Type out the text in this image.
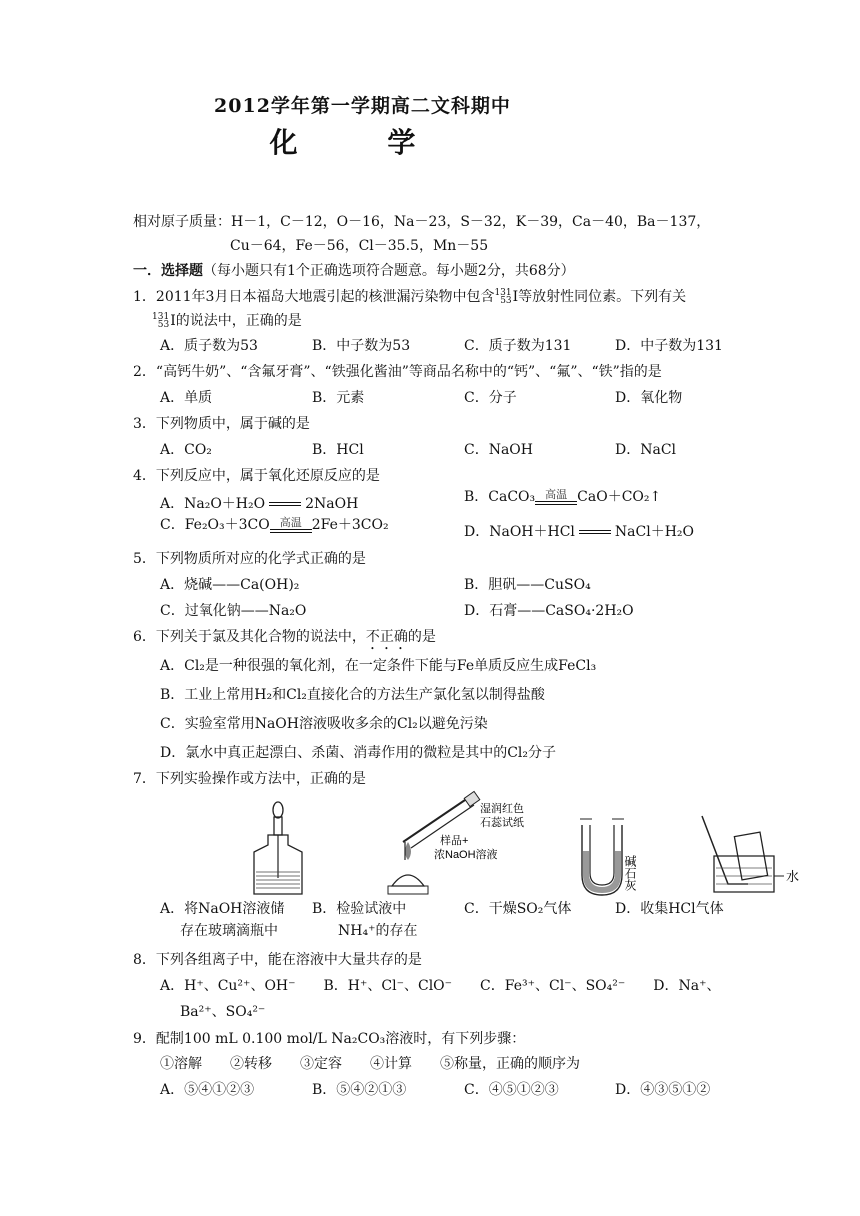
2012学年第一学期高二文科期中
化 学
相对原子质量：H－1，C－12，O－16，Na－23，S－32，K－39，Ca－40，Ba－137，
Cu－64，Fe－56，Cl－35.5，Mn－55
一．选择题（每小题只有1个正确选项符合题意。每小题2分，共68分）
1．2011年3月日本福岛大地震引起的核泄漏污染物中包含131
53I等放射性同位素。下列有关
131
53I的说法中，正确的是
A．质子数为53	B．中子数为53	C．质子数为131	D．中子数为131
2．“高钙牛奶”、“含氟牙膏”、“铁强化酱油”等商品名称中的“钙”、“氟”、“铁”指的是
A．单质	B．元素	C．分子	D．氧化物
3．下列物质中，属于碱的是
A．CO₂	B．HCl	C．NaOH	D．NaCl
4．下列反应中，属于氧化还原反应的是
A．Na₂O＋H₂O	2NaOH	B．CaCO₃ 高温 CaO＋CO₂↑
C．Fe₂O₃＋3CO 高温 2Fe＋3CO₂	D．NaOH＋HCl	NaCl＋H₂O
5．下列物质所对应的化学式正确的是
A．烧碱——Ca(OH)₂	B．胆矾——CuSO₄
C．过氧化钠——Na₂O	D．石膏——CaSO₄·2H₂O
6．下列关于氯及其化合物的说法中，不正确的是
A．Cl₂是一种很强的氧化剂，在一定条件下能与Fe单质反应生成FeCl₃
B．工业上常用H₂和Cl₂直接化合的方法生产氯化氢以制得盐酸
C．实验室常用NaOH溶液吸收多余的Cl₂以避免污染
D．氯水中真正起漂白、杀菌、消毒作用的微粒是其中的Cl₂分子
7．下列实验操作或方法中，正确的是
湿润红色
石蕊试纸
样品+
浓NaOH溶液	碱石灰	水
A．将NaOH溶液储
存在玻璃滴瓶中
B．检验试液中
NH₄⁺的存在
C．干燥SO₂气体	D．收集HCl气体
8．下列各组离子中，能在溶液中大量共存的是
A．H⁺、Cu²⁺、OH⁻　　B．H⁺、Cl⁻、ClO⁻　　C．Fe³⁺、Cl⁻、SO₄²⁻　　D．Na⁺、
Ba²⁺、SO₄²⁻
9．配制100 mL 0.100 mol/L Na₂CO₃溶液时，有下列步骤：
①溶解　　②转移　　③定容　　④计算　　⑤称量，正确的顺序为
A．⑤④①②③	B．⑤④②①③	C．④⑤①②③	D．④③⑤①②
